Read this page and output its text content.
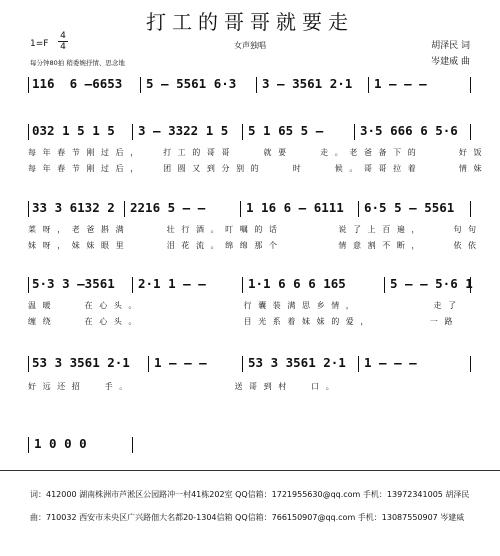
打工的哥哥就要走
女声独唱
1=F
4
4
每分钟80拍 稍委婉抒情、思念地
胡泽民 词
岑建威 曲
11̇6  6 —6653 5 — 5561 6·3 3 — 3561 2·1 1 — — —
032 1 5 1 5 3 — 3322 1 5 5 1 65 5 —	3·5 666 6 5·6
每年春节刚过后，  打工的哥哥   就要   走。老爸备下的    好饭
每年春节刚过后，  团圆又到分别的   时   候。哥哥拉着    情妹
33 3 6132 2 2216 5 — —	1 16 6 — 6111 6·5 5 — 5561
菜呀，老爸斟满    壮行酒。叮嘱的话      说了上百遍，   句句
妹呀，妹妹眼里    泪花流。绵绵那个      情意割不断，   依依
5·3 3 —3561 2·1 1 — —	1·1 6 6 6 165	5 — — 5·6 1
温暖   在心头。           行囊装满思乡情，        走了
缠绕   在心头。           目光系着妹妹的爱，      一路
53 3 3561 2·1 1 — — —	53 3 3561 2·1 1 — — —
好远还招  手。           送哥到村  口。
1 0 0 0
词：412000 湖南株洲市芦淞区公园路冲一村41栋202室 QQ信箱：1721955630@qq.com 手机：13972341005 胡泽民
曲：710032 西安市未央区广兴路佃大名都20-1304信箱 QQ信箱：766150907@qq.com 手机：13087550907 岑建威
